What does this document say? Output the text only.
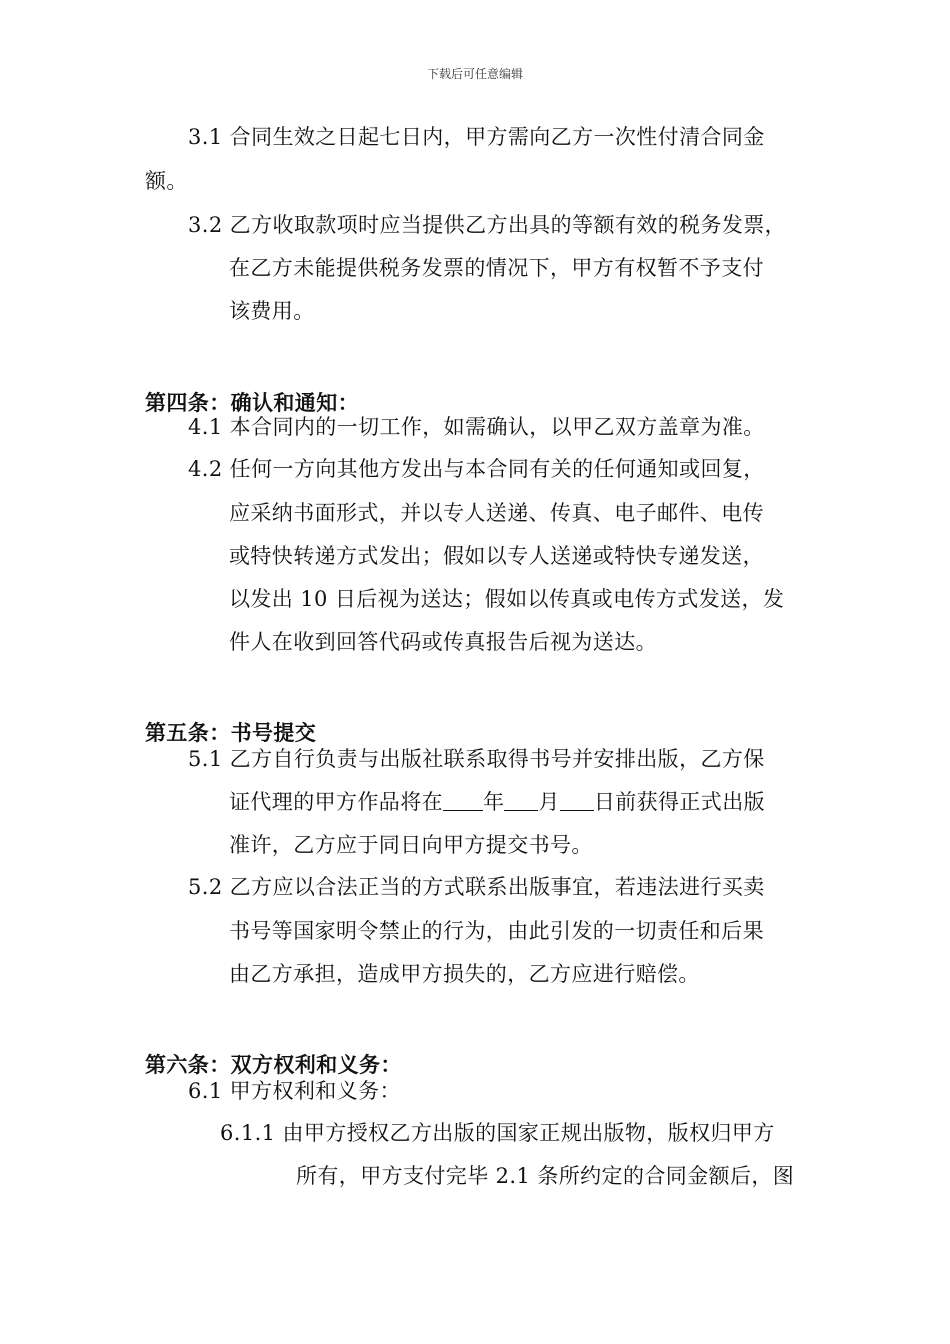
下载后可任意编辑
3.1 合同生效之日起七日内，甲方需向乙方一次性付清合同金
额。
3.2 乙方收取款项时应当提供乙方出具的等额有效的税务发票，
在乙方未能提供税务发票的情况下，甲方有权暂不予支付
该费用。
第四条：确认和通知：
4.1 本合同内的一切工作，如需确认，以甲乙双方盖章为准。
4.2 任何一方向其他方发出与本合同有关的任何通知或回复，
应采纳书面形式，并以专人送递、传真、电子邮件、电传
或特快转递方式发出；假如以专人送递或特快专递发送，
以发出 10 日后视为送达；假如以传真或电传方式发送，发
件人在收到回答代码或传真报告后视为送达。
第五条：书号提交
5.1 乙方自行负责与出版社联系取得书号并安排出版，乙方保
证代理的甲方作品将在 年 月 日前获得正式出版
准许，乙方应于同日向甲方提交书号。
5.2 乙方应以合法正当的方式联系出版事宜，若违法进行买卖
书号等国家明令禁止的行为，由此引发的一切责任和后果
由乙方承担，造成甲方损失的，乙方应进行赔偿。
第六条：双方权利和义务：
6.1 甲方权利和义务：
6.1.1 由甲方授权乙方出版的国家正规出版物，版权归甲方
所有，甲方支付完毕 2.1 条所约定的合同金额后，图
